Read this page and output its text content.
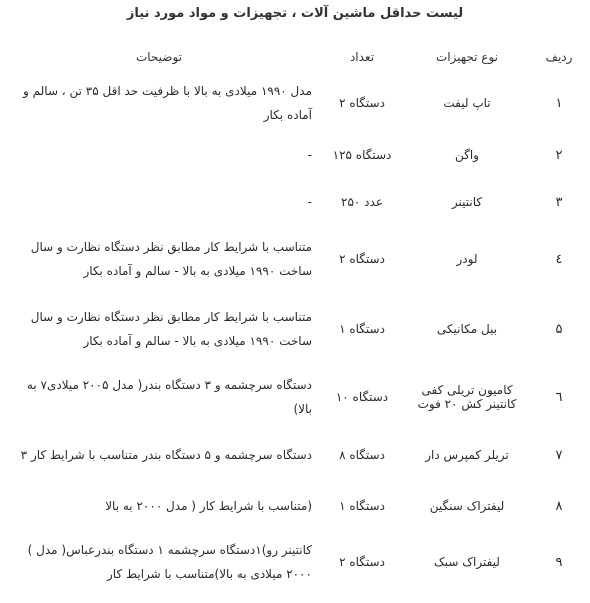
لیست حداقل ماشین آلات ، تجهیزات و مواد مورد نیاز
ردیف	نوع تجهیزات	تعداد	توضیحات
۱	تاپ لیفت	دستگاه ۲	مدل ۱۹۹۰ میلادی به بالا با ظرفیت حد اقل ۳۵ تن ، سالم و آماده بکار
۲	واگن	دستگاه ۱۲۵	-
۳	کانتینر	عدد ۲۵۰	-
٤	لودر	دستگاه ۲	متناسب با شرایط کار مطابق نظر دستگاه نظارت و سال ساخت ۱۹۹۰ میلادی به بالا - سالم و آماده بکار
۵	بیل مکانیکی	دستگاه ۱	متناسب با شرایط کار مطابق نظر دستگاه نظارت و سال ساخت ۱۹۹۰ میلادی به بالا - سالم و آماده بکار
٦	کامیون تریلی کفی کانتینر کش ۲۰ فوت	دستگاه ۱۰	دستگاه سرچشمه و ۳ دستگاه بندر( مدل ۲۰۰۵ میلادی۷ به بالا)
۷	تریلر کمپرس دار	دستگاه ۸	دستگاه سرچشمه و ۵ دستگاه بندر متناسب با شرایط کار ۳
۸	لیفتراک سنگین	دستگاه ۱	(متناسب با شرایط کار ( مدل ۲۰۰۰ به بالا
۹	لیفتراک سبک	دستگاه ۲	کانتینر رو)۱دستگاه سرچشمه ۱ دستگاه بندرعباس( مدل ) ۲۰۰۰ میلادی به بالا)متناسب با شرایط کار
